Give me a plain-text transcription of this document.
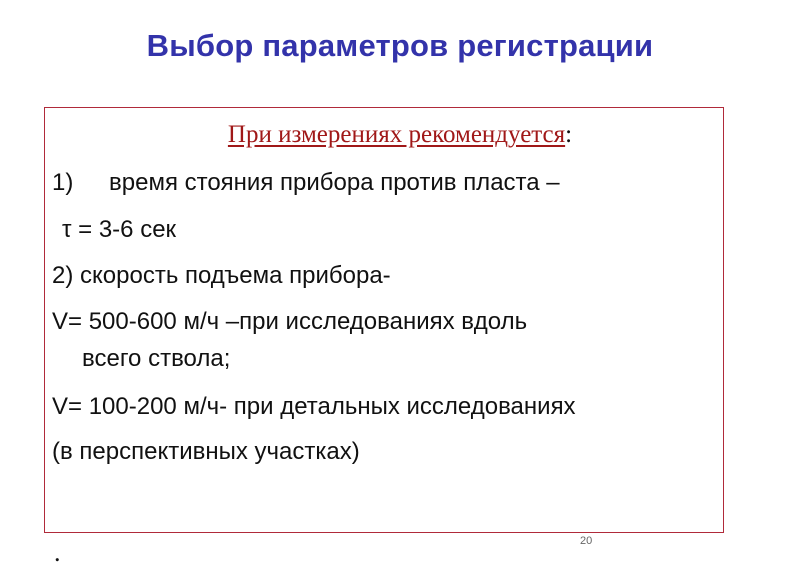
Выбор параметров регистрации
При измерениях рекомендуется:
1) время стояния прибора против пласта –
τ = 3-6 сек
2) скорость подъема прибора-
V= 500-600 м/ч –при исследованиях вдоль
всего ствола;
V= 100-200 м/ч- при детальных исследованиях
(в перспективных участках)
20
.
